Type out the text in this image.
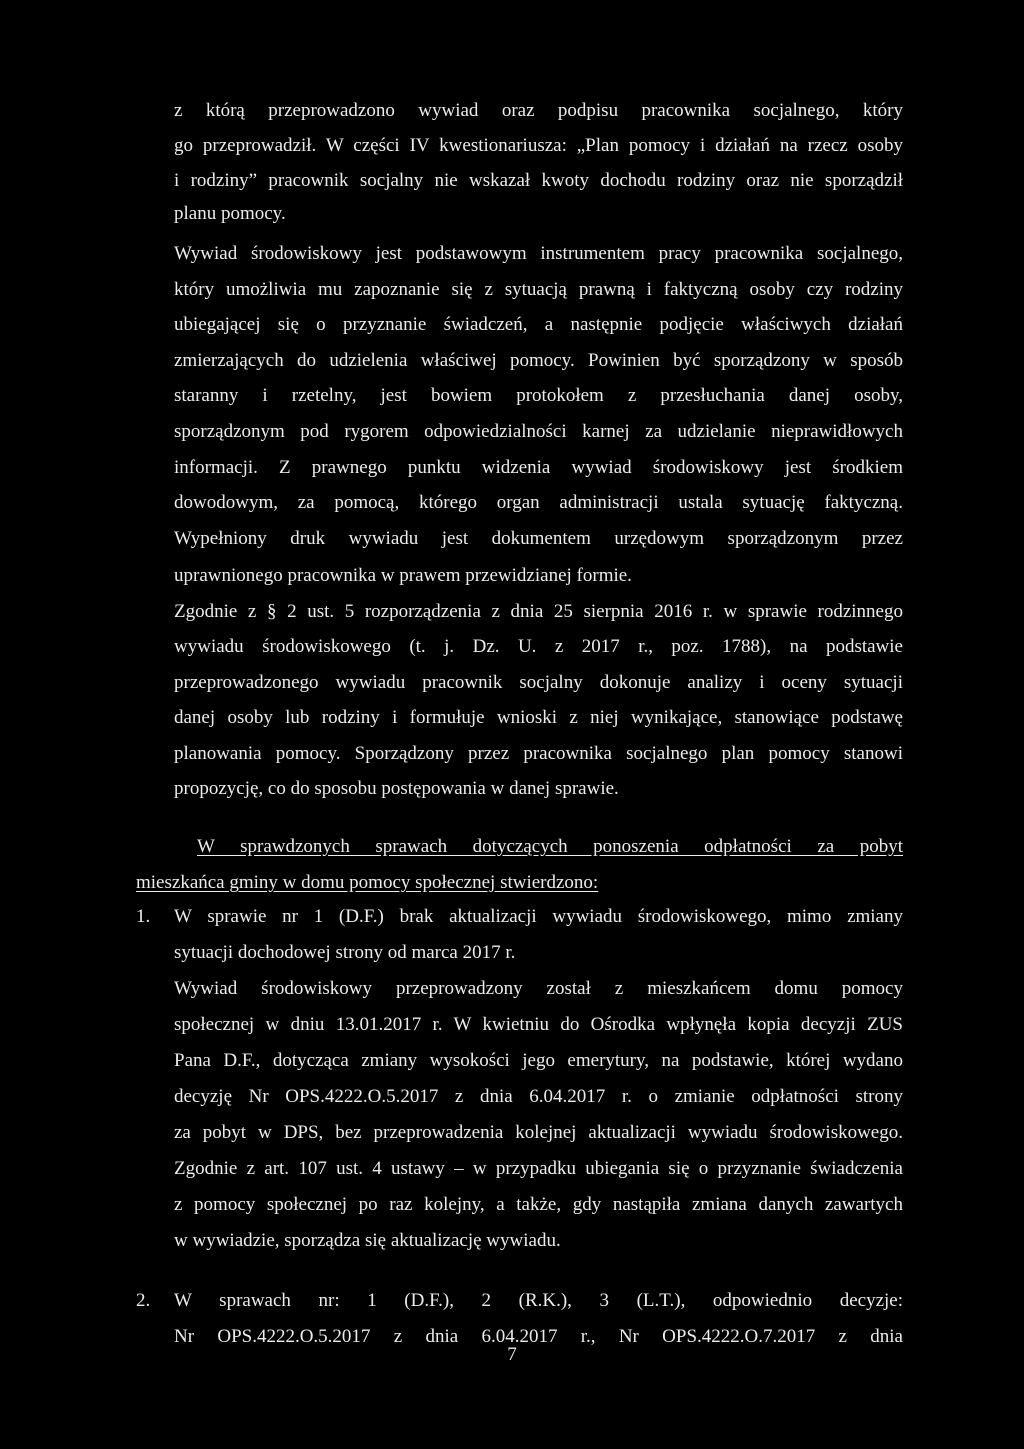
z którą przeprowadzono wywiad oraz podpisu pracownika socjalnego, który
go przeprowadził. W części IV kwestionariusza: „Plan pomocy i działań na rzecz osoby
i rodziny” pracownik socjalny nie wskazał kwoty dochodu rodziny oraz nie sporządził
planu pomocy.
Wywiad środowiskowy jest podstawowym instrumentem pracy pracownika socjalnego,
który umożliwia mu zapoznanie się z sytuacją prawną i faktyczną osoby czy rodziny
ubiegającej się o przyznanie świadczeń, a następnie podjęcie właściwych działań
zmierzających do udzielenia właściwej pomocy. Powinien być sporządzony w sposób
staranny i rzetelny, jest bowiem protokołem z przesłuchania danej osoby,
sporządzonym pod rygorem odpowiedzialności karnej za udzielanie nieprawidłowych
informacji. Z prawnego punktu widzenia wywiad środowiskowy jest środkiem
dowodowym, za pomocą, którego organ administracji ustala sytuację faktyczną.
Wypełniony druk wywiadu jest dokumentem urzędowym sporządzonym przez
uprawnionego pracownika w prawem przewidzianej formie.
Zgodnie z § 2 ust. 5 rozporządzenia z dnia 25 sierpnia 2016 r. w sprawie rodzinnego
wywiadu środowiskowego (t. j. Dz. U. z 2017 r., poz. 1788), na podstawie
przeprowadzonego wywiadu pracownik socjalny dokonuje analizy i oceny sytuacji
danej osoby lub rodziny i formułuje wnioski z niej wynikające, stanowiące podstawę
planowania pomocy. Sporządzony przez pracownika socjalnego plan pomocy stanowi
propozycję, co do sposobu postępowania w danej sprawie.
W sprawdzonych sprawach dotyczących ponoszenia odpłatności za pobyt
mieszkańca gminy w domu pomocy społecznej stwierdzono:
1. W sprawie nr 1 (D.F.) brak aktualizacji wywiadu środowiskowego, mimo zmiany
sytuacji dochodowej strony od marca 2017 r.
Wywiad środowiskowy przeprowadzony został z mieszkańcem domu pomocy
społecznej w dniu 13.01.2017 r. W kwietniu do Ośrodka wpłynęła kopia decyzji ZUS
Pana D.F., dotycząca zmiany wysokości jego emerytury, na podstawie, której wydano
decyzję Nr OPS.4222.O.5.2017 z dnia 6.04.2017 r. o zmianie odpłatności strony
za pobyt w DPS, bez przeprowadzenia kolejnej aktualizacji wywiadu środowiskowego.
Zgodnie z art. 107 ust. 4 ustawy – w przypadku ubiegania się o przyznanie świadczenia
z pomocy społecznej po raz kolejny, a także, gdy nastąpiła zmiana danych zawartych
w wywiadzie, sporządza się aktualizację wywiadu.
2. W sprawach nr: 1 (D.F.), 2 (R.K.), 3 (L.T.), odpowiednio decyzje:
Nr OPS.4222.O.5.2017 z dnia 6.04.2017 r., Nr OPS.4222.O.7.2017 z dnia
7
